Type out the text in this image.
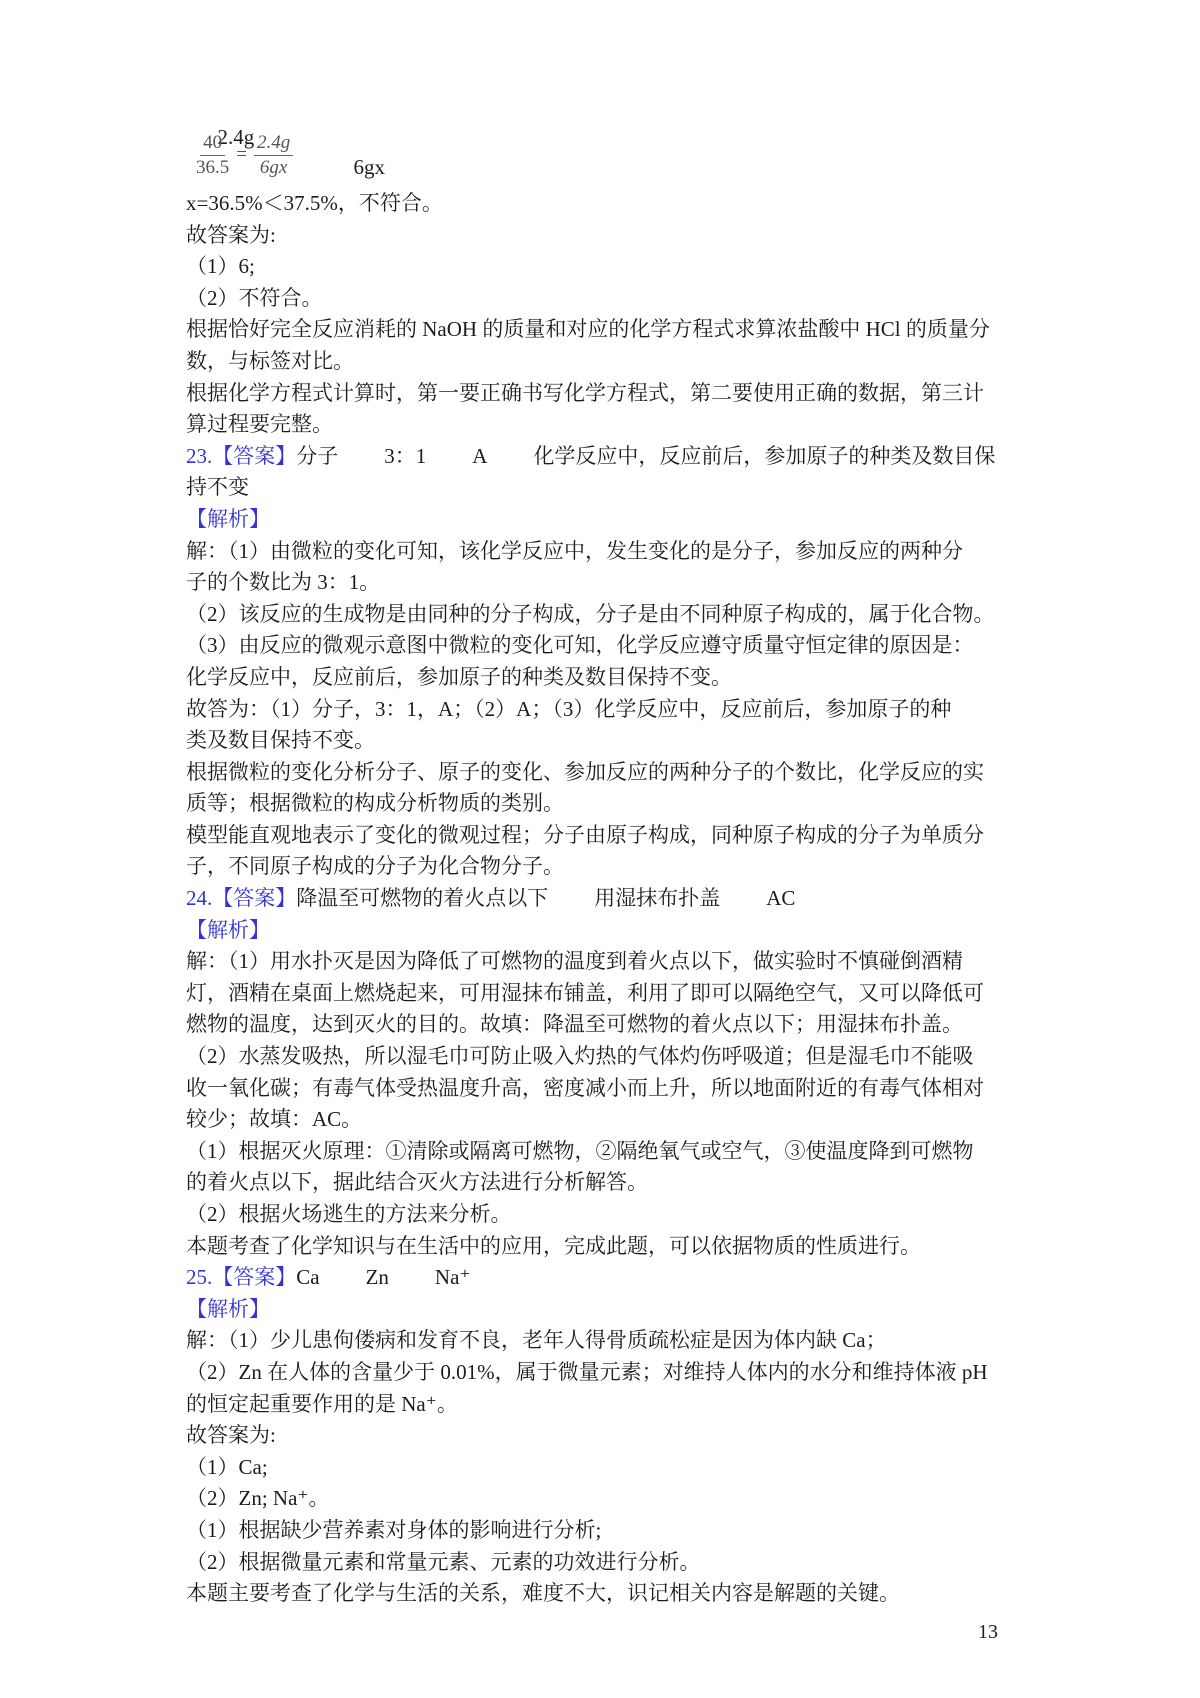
2.4g
6gx

$\frac{40}{36.5} = \frac{2.4g}{6gx}$
x=36.5%＜37.5%，不符合。
故答案为:
（1）6;
（2）不符合。
根据恰好完全反应消耗的 NaOH 的质量和对应的化学方程式求算浓盐酸中 HCl 的质量分
数，与标签对比。
根据化学方程式计算时，第一要正确书写化学方程式，第二要使用正确的数据，第三计
算过程要完整。
23.【答案】分子 3：1 A 化学反应中，反应前后，参加原子的种类及数目保
持不变
【解析】
解：（1）由微粒的变化可知，该化学反应中，发生变化的是分子，参加反应的两种分
子的个数比为 3：1。
（2）该反应的生成物是由同种的分子构成，分子是由不同种原子构成的，属于化合物。
（3）由反应的微观示意图中微粒的变化可知，化学反应遵守质量守恒定律的原因是：
化学反应中，反应前后，参加原子的种类及数目保持不变。
故答为：（1）分子，3：1，A；（2）A；（3）化学反应中，反应前后，参加原子的种
类及数目保持不变。
根据微粒的变化分析分子、原子的变化、参加反应的两种分子的个数比，化学反应的实
质等；根据微粒的构成分析物质的类别。
模型能直观地表示了变化的微观过程；分子由原子构成，同种原子构成的分子为单质分
子，不同原子构成的分子为化合物分子。
24.【答案】降温至可燃物的着火点以下 用湿抹布扑盖 AC
【解析】
解：（1）用水扑灭是因为降低了可燃物的温度到着火点以下，做实验时不慎碰倒酒精
灯，酒精在桌面上燃烧起来，可用湿抹布铺盖，利用了即可以隔绝空气，又可以降低可
燃物的温度，达到灭火的目的。故填：降温至可燃物的着火点以下；用湿抹布扑盖。
（2）水蒸发吸热，所以湿毛巾可防止吸入灼热的气体灼伤呼吸道；但是湿毛巾不能吸
收一氧化碳；有毒气体受热温度升高，密度减小而上升，所以地面附近的有毒气体相对
较少；故填：AC。
（1）根据灭火原理：①清除或隔离可燃物，②隔绝氧气或空气，③使温度降到可燃物
的着火点以下，据此结合灭火方法进行分析解答。
（2）根据火场逃生的方法来分析。
本题考查了化学知识与在生活中的应用，完成此题，可以依据物质的性质进行。
25.【答案】Ca Zn Na⁺
【解析】
解：（1）少儿患佝偻病和发育不良，老年人得骨质疏松症是因为体内缺 Ca；
（2）Zn 在人体的含量少于 0.01%，属于微量元素；对维持人体内的水分和维持体液 pH
的恒定起重要作用的是 Na⁺。
故答案为:
（1）Ca;
（2）Zn; Na⁺。
（1）根据缺少营养素对身体的影响进行分析;
（2）根据微量元素和常量元素、元素的功效进行分析。
本题主要考查了化学与生活的关系，难度不大，识记相关内容是解题的关键。
13
